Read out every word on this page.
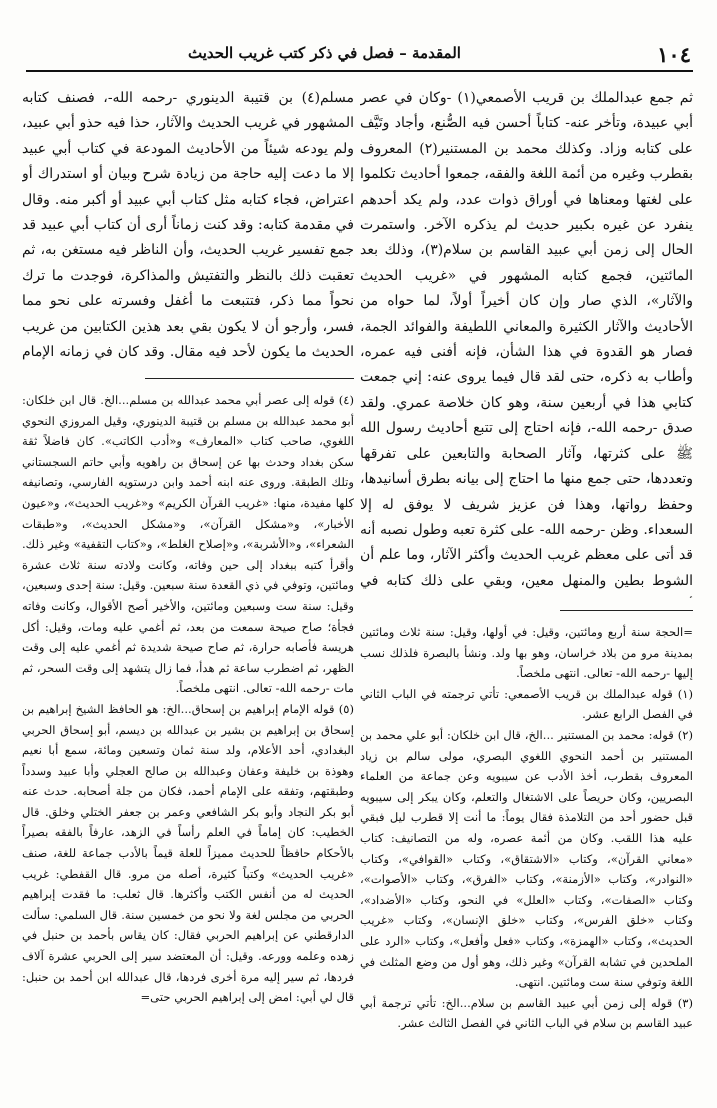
١٠٤
المقدمة – فصل في ذكر كتب غريب الحديث

ثم جمع عبدالملك بن قريب الأصمعي(١) -وكان في عصر أبي عبيدة، وتأخر عنه- كتاباً أحسن فيه الصُّنع، وأجاد وتَيَّف على كتابه وزاد. وكذلك محمد بن المستنير(٢) المعروف بقطرب وغيره من أئمة اللغة والفقه، جمعوا أحاديث تكلموا على لغتها ومعناها في أوراق ذوات عدد، ولم يكد أحدهم ينفرد عن غيره بكبير حديث لم يذكره الآخر. واستمرت الحال إلى زمن أبي عبيد القاسم بن سلام(٣)، وذلك بعد المائتين، فجمع كتابه المشهور في «غريب الحديث والآثار»، الذي صار وإن كان أخيراً أولاً، لما حواه من الأحاديث والآثار الكثيرة والمعاني اللطيفة والفوائد الجمة، فصار هو القدوة في هذا الشأن، فإنه أفنى فيه عمره، وأطاب به ذكره، حتى لقد قال فيما يروى عنه: إني جمعت كتابي هذا في أربعين سنة، وهو كان خلاصة عمري. ولقد صدق -رحمه الله-، فإنه احتاج إلى تتبع أحاديث رسول الله ﷺ على كثرتها، وآثار الصحابة والتابعين على تفرقها وتعددها، حتى جمع منها ما احتاج إلى بيانه بطرق أسانيدها، وحفظ رواتها، وهذا فن عزيز شريف لا يوفق له إلا السعداء. وظن -رحمه الله- على كثرة تعبه وطول نصبه أنه قد أتى على معظم غريب الحديث وأكثر الآثار، وما علم أن الشوط بطين والمنهل معين، وبقي على ذلك كتابه في

مسلم(٤) بن قتيبة الدينوري -رحمه الله-، فصنف كتابه المشهور في غريب الحديث والآثار، حذا فيه حذو أبي عبيد، ولم يودعه شيئاً من الأحاديث المودعة في كتاب أبي عبيد إلا ما دعت إليه حاجة من زيادة شرح وبيان أو استدراك أو اعتراض، فجاء كتابه مثل كتاب أبي عبيد أو أكبر منه. وقال في مقدمة كتابه: وقد كنت زماناً أرى أن كتاب أبي عبيد قد جمع تفسير غريب الحديث، وأن الناظر فيه مستغن به، ثم تعقبت ذلك بالنظر والتفتيش والمذاكرة، فوجدت ما ترك نحواً مما ذكر، فتتبعت ما أغفل وفسرته على نحو مما فسر، وأرجو أن لا يكون بقي بعد هذين الكتابين من غريب الحديث ما يكون لأحد فيه مقال. وقد كان في زمانه الإمام

=الحجة سنة أربع ومائتين، وقيل: في أولها، وقيل: سنة ثلاث ومائتين بمدينة مرو من بلاد خراسان، وهو بها ولد. ونشأ بالبصرة فلذلك نسب إليها -رحمه الله- تعالى. انتهى ملخصاً.

(١) قوله عبدالملك بن قريب الأصمعي: تأتي ترجمته في الباب الثاني في الفصل الرابع عشر.

(٢) قوله: محمد بن المستنير ...الخ، قال ابن خلكان: أبو علي محمد بن المستنير بن أحمد النحوي اللغوي البصري، مولى سالم بن زياد المعروف بقطرب، أخذ الأدب عن سيبويه وعن جماعة من العلماء البصريين، وكان حريصاً على الاشتغال والتعلم، وكان يبكر إلى سيبويه قبل حضور أحد من التلامذة فقال يوماً: ما أنت إلا قطرب ليل فبقي عليه هذا اللقب. وكان من أئمة عصره، وله من التصانيف: كتاب «معاني القرآن»، وكتاب «الاشتقاق»، وكتاب «القوافي»، وكتاب «النوادر»، وكتاب «الأزمنة»، وكتاب «الفرق»، وكتاب «الأصوات»، وكتاب «الصفات»، وكتاب «العلل» في النحو، وكتاب «الأضداد»، وكتاب «خلق الفرس»، وكتاب «خلق الإنسان»، وكتاب «غريب الحديث»، وكتاب «الهمزة»، وكتاب «فعل وأفعل»، وكتاب «الرد على الملحدين في تشابه القرآن» وغير ذلك، وهو أول من وضع المثلث في اللغة وتوفي سنة ست ومائتين. انتهى.

(٣) قوله إلى زمن أبي عبيد القاسم بن سلام...الخ: تأتي ترجمة أبي عبيد القاسم بن سلام في الباب الثاني في الفصل الثالث عشر.

(٤) قوله إلى عصر أبي محمد عبدالله بن مسلم...الخ. قال ابن خلكان: أبو محمد عبدالله بن مسلم بن قتيبة الدينوري، وقيل المروزي النحوي اللغوي، صاحب كتاب «المعارف» و«أدب الكاتب». كان فاضلاً ثقة سكن بغداد وحدث بها عن إسحاق بن راهويه وأبي حاتم السجستاني وتلك الطبقة. وروى عنه ابنه أحمد وابن درستويه الفارسي، وتصانيفه كلها مفيدة، منها: «غريب القرآن الكريم» و«غريب الحديث»، و«عيون الأخبار»، و«مشكل القرآن»، و«مشكل الحديث»، و«طبقات الشعراء»، و«الأشربة»، و«إصلاح الغلط»، و«كتاب التقفية» وغير ذلك. وأقرأ كتبه ببغداد إلى حين وفاته، وكانت ولادته سنة ثلاث عشرة ومائتين، وتوفي في ذي القعدة سنة سبعين. وقيل: سنة إحدى وسبعين، وقيل: سنة ست وسبعين ومائتين، والأخير أصح الأقوال، وكانت وفاته فجأة؛ صاح صيحة سمعت من بعد، ثم أغمي عليه ومات، وقيل: أكل هريسة فأصابه حرارة، ثم صاح صيحة شديدة ثم أغمي عليه إلى وقت الظهر، ثم اضطرب ساعة ثم هدأ، فما زال يتشهد إلى وقت السحر، ثم مات -رحمه الله- تعالى. انتهى ملخصاً.

(٥) قوله الإمام إبراهيم بن إسحاق...الخ: هو الحافظ الشيخ إبراهيم بن إسحاق بن إبراهيم بن بشير بن عبدالله بن ديسم، أبو إسحاق الحربي البغدادي، أحد الأعلام، ولد سنة ثمان وتسعين ومائة، سمع أبا نعيم وهوذة بن خليفة وعفان وعبدالله بن صالح العجلي وأبا عبيد وسدداً وطبقتهم، وتفقه على الإمام أحمد، فكان من جلة أصحابه. حدث عنه أبو بكر النجاد وأبو بكر الشافعي وعمر بن جعفر الختلي وخلق. قال الخطيب: كان إماماً في العلم رأساً في الزهد، عارفاً بالفقه بصيراً بالأحكام حافظاً للحديث مميزاً للعلة قيماً بالأدب جماعة للغة، صنف «غريب الحديث» وكتباً كثيرة، أصله من مرو. قال القفطي: غريب الحديث له من أنفس الكتب وأكثرها. قال ثعلب: ما فقدت إبراهيم الحربي من مجلس لغة ولا نحو من خمسين سنة. قال السلمي: سألت الدارقطني عن إبراهيم الحربي فقال: كان يقاس بأحمد بن حنبل في زهده وعلمه وورعه. وقيل: أن المعتضد سير إلى الحربي عشرة آلاف فردها، ثم سير إليه مرة أخرى فردها، قال عبدالله ابن أحمد بن حنبل: قال لي أبي: امض إلى إبراهيم الحربي حتى=
